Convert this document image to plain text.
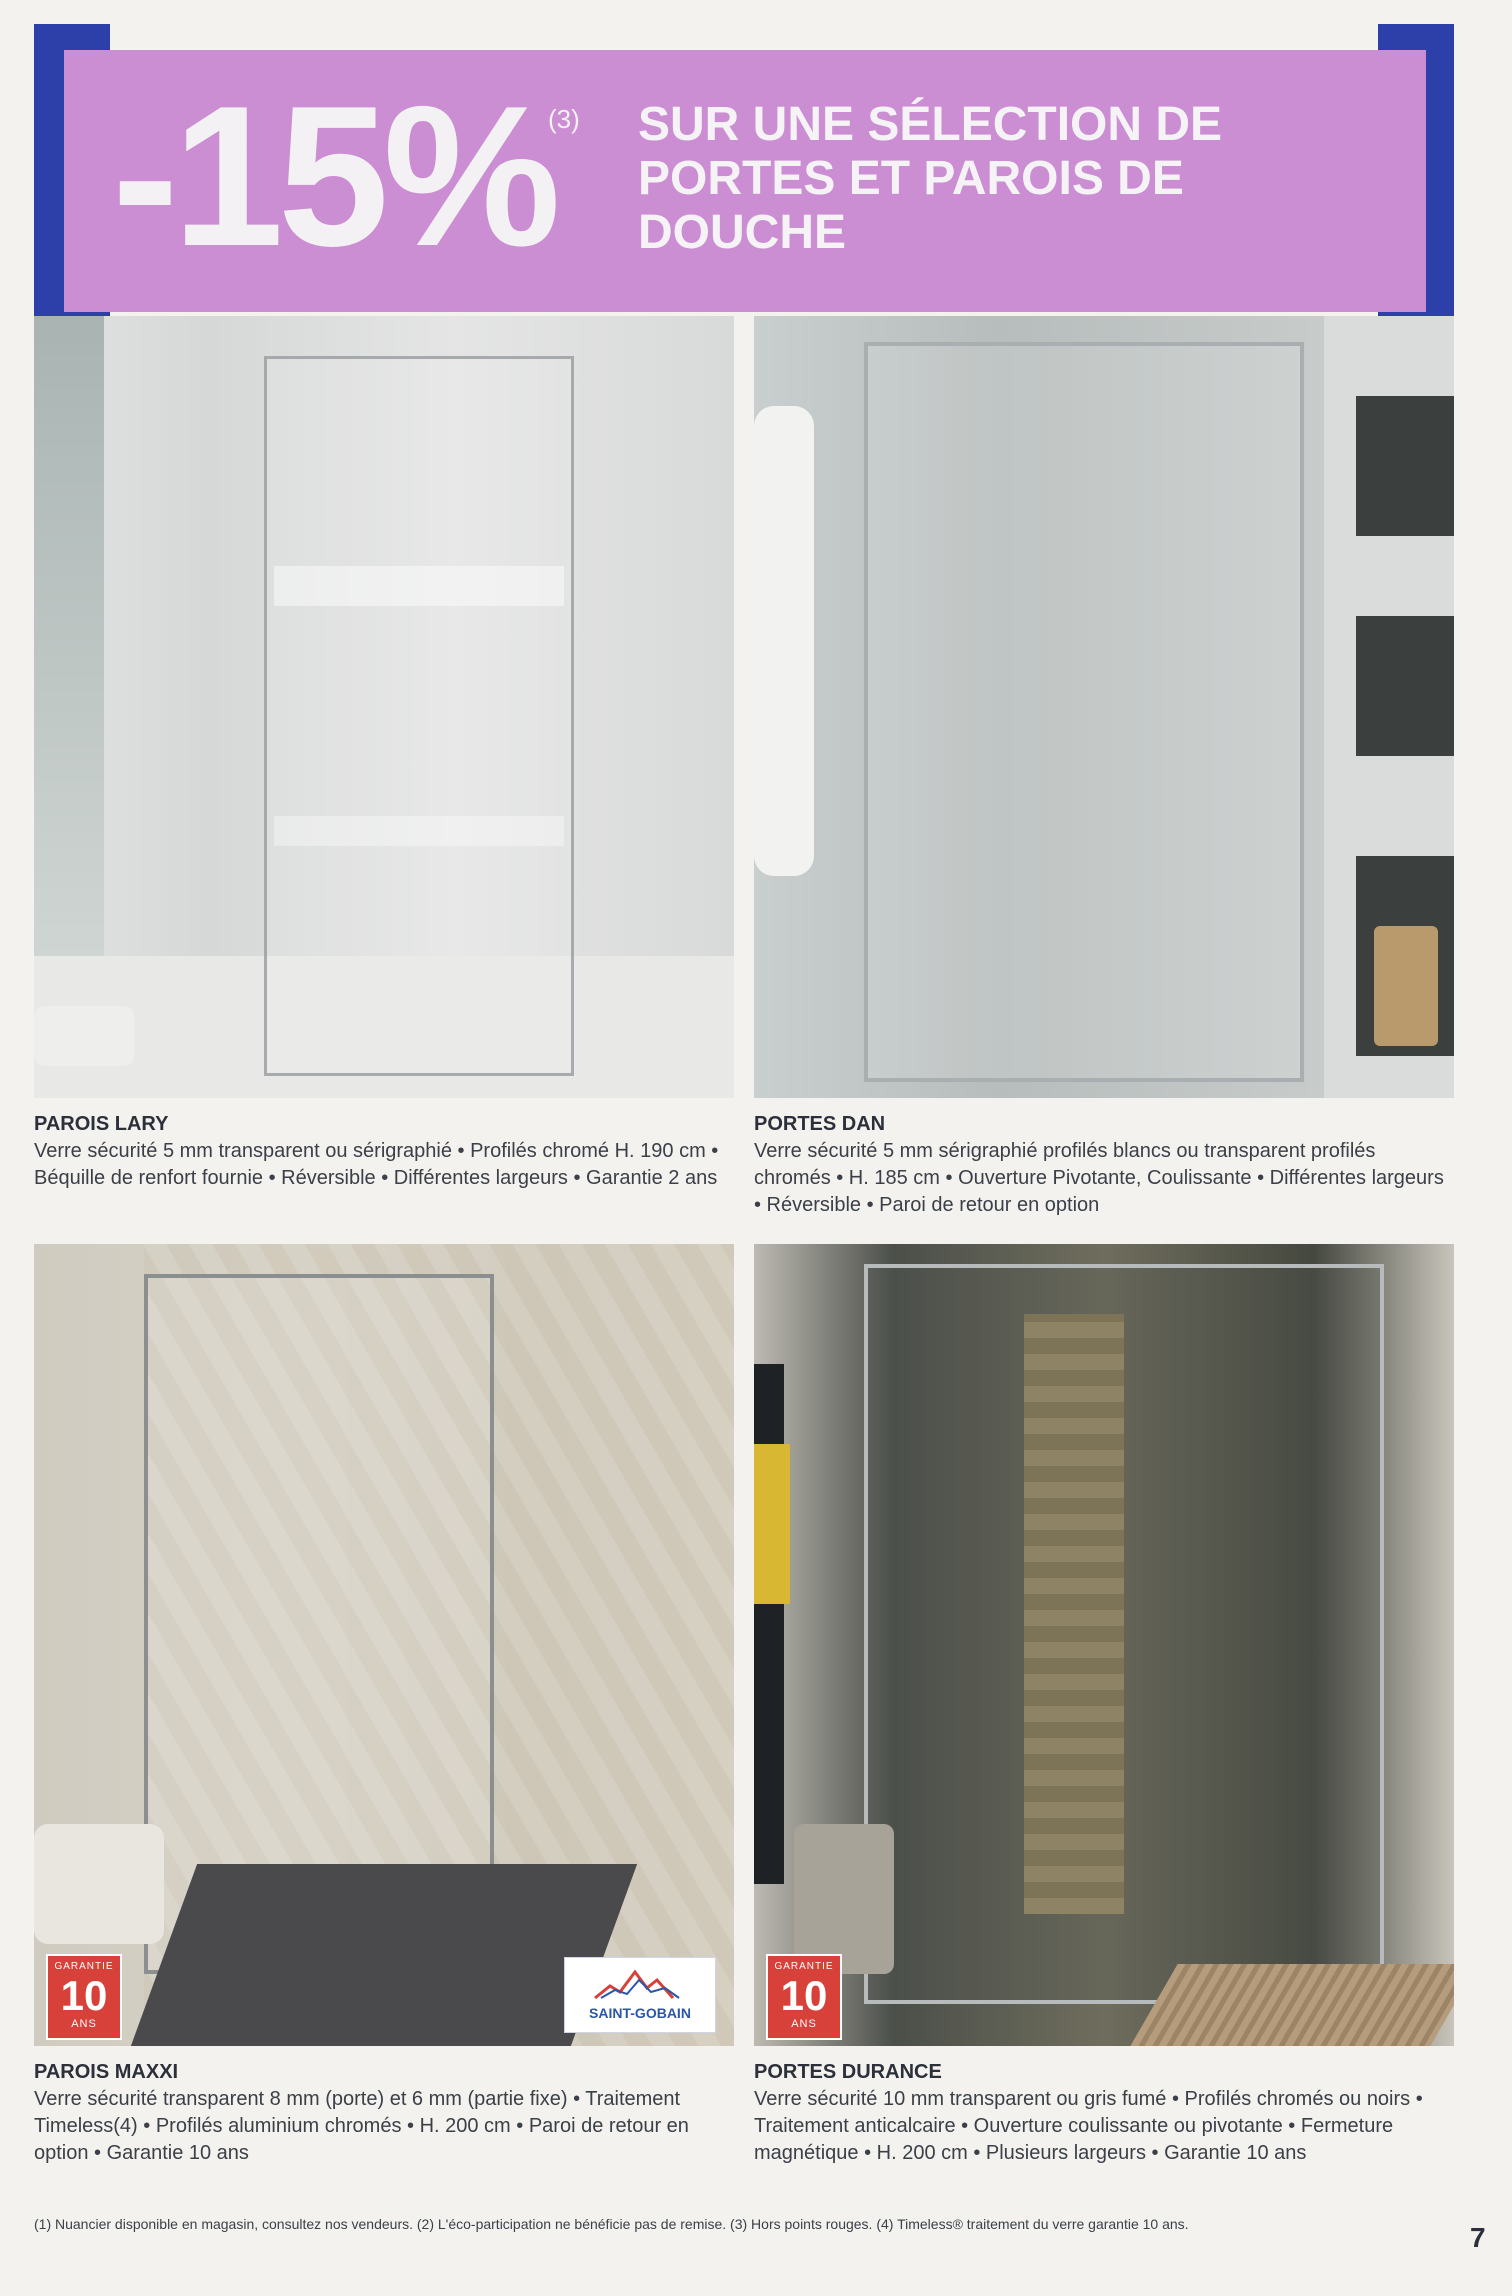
-15%
(3) SUR UNE SÉLECTION DE PORTES ET PAROIS DE DOUCHE
GARANTIE
10
ANS
SAINT-GOBAIN
GARANTIE
10
ANS
PAROIS LARY
Verre sécurité 5 mm transparent ou sérigraphié • Profilés chromé H. 190 cm • Béquille de renfort fournie • Réversible • Différentes largeurs • Garantie 2 ans
PORTES DAN
Verre sécurité 5 mm sérigraphié profilés blancs ou transparent profilés chromés • H. 185 cm • Ouverture Pivotante, Coulissante • Différentes largeurs • Réversible • Paroi de retour en option
PAROIS MAXXI
Verre sécurité transparent 8 mm (porte) et 6 mm (partie fixe) • Traitement Timeless(4) • Profilés aluminium chromés • H. 200 cm • Paroi de retour en option • Garantie 10 ans
PORTES DURANCE
Verre sécurité 10 mm transparent ou gris fumé • Profilés chromés ou noirs • Traitement anticalcaire • Ouverture coulissante ou pivotante • Fermeture magnétique • H. 200 cm • Plusieurs largeurs • Garantie 10 ans
(1) Nuancier disponible en magasin, consultez nos vendeurs. (2) L'éco-participation ne bénéficie pas de remise. (3) Hors points rouges. (4) Timeless® traitement du verre garantie 10 ans.	7
